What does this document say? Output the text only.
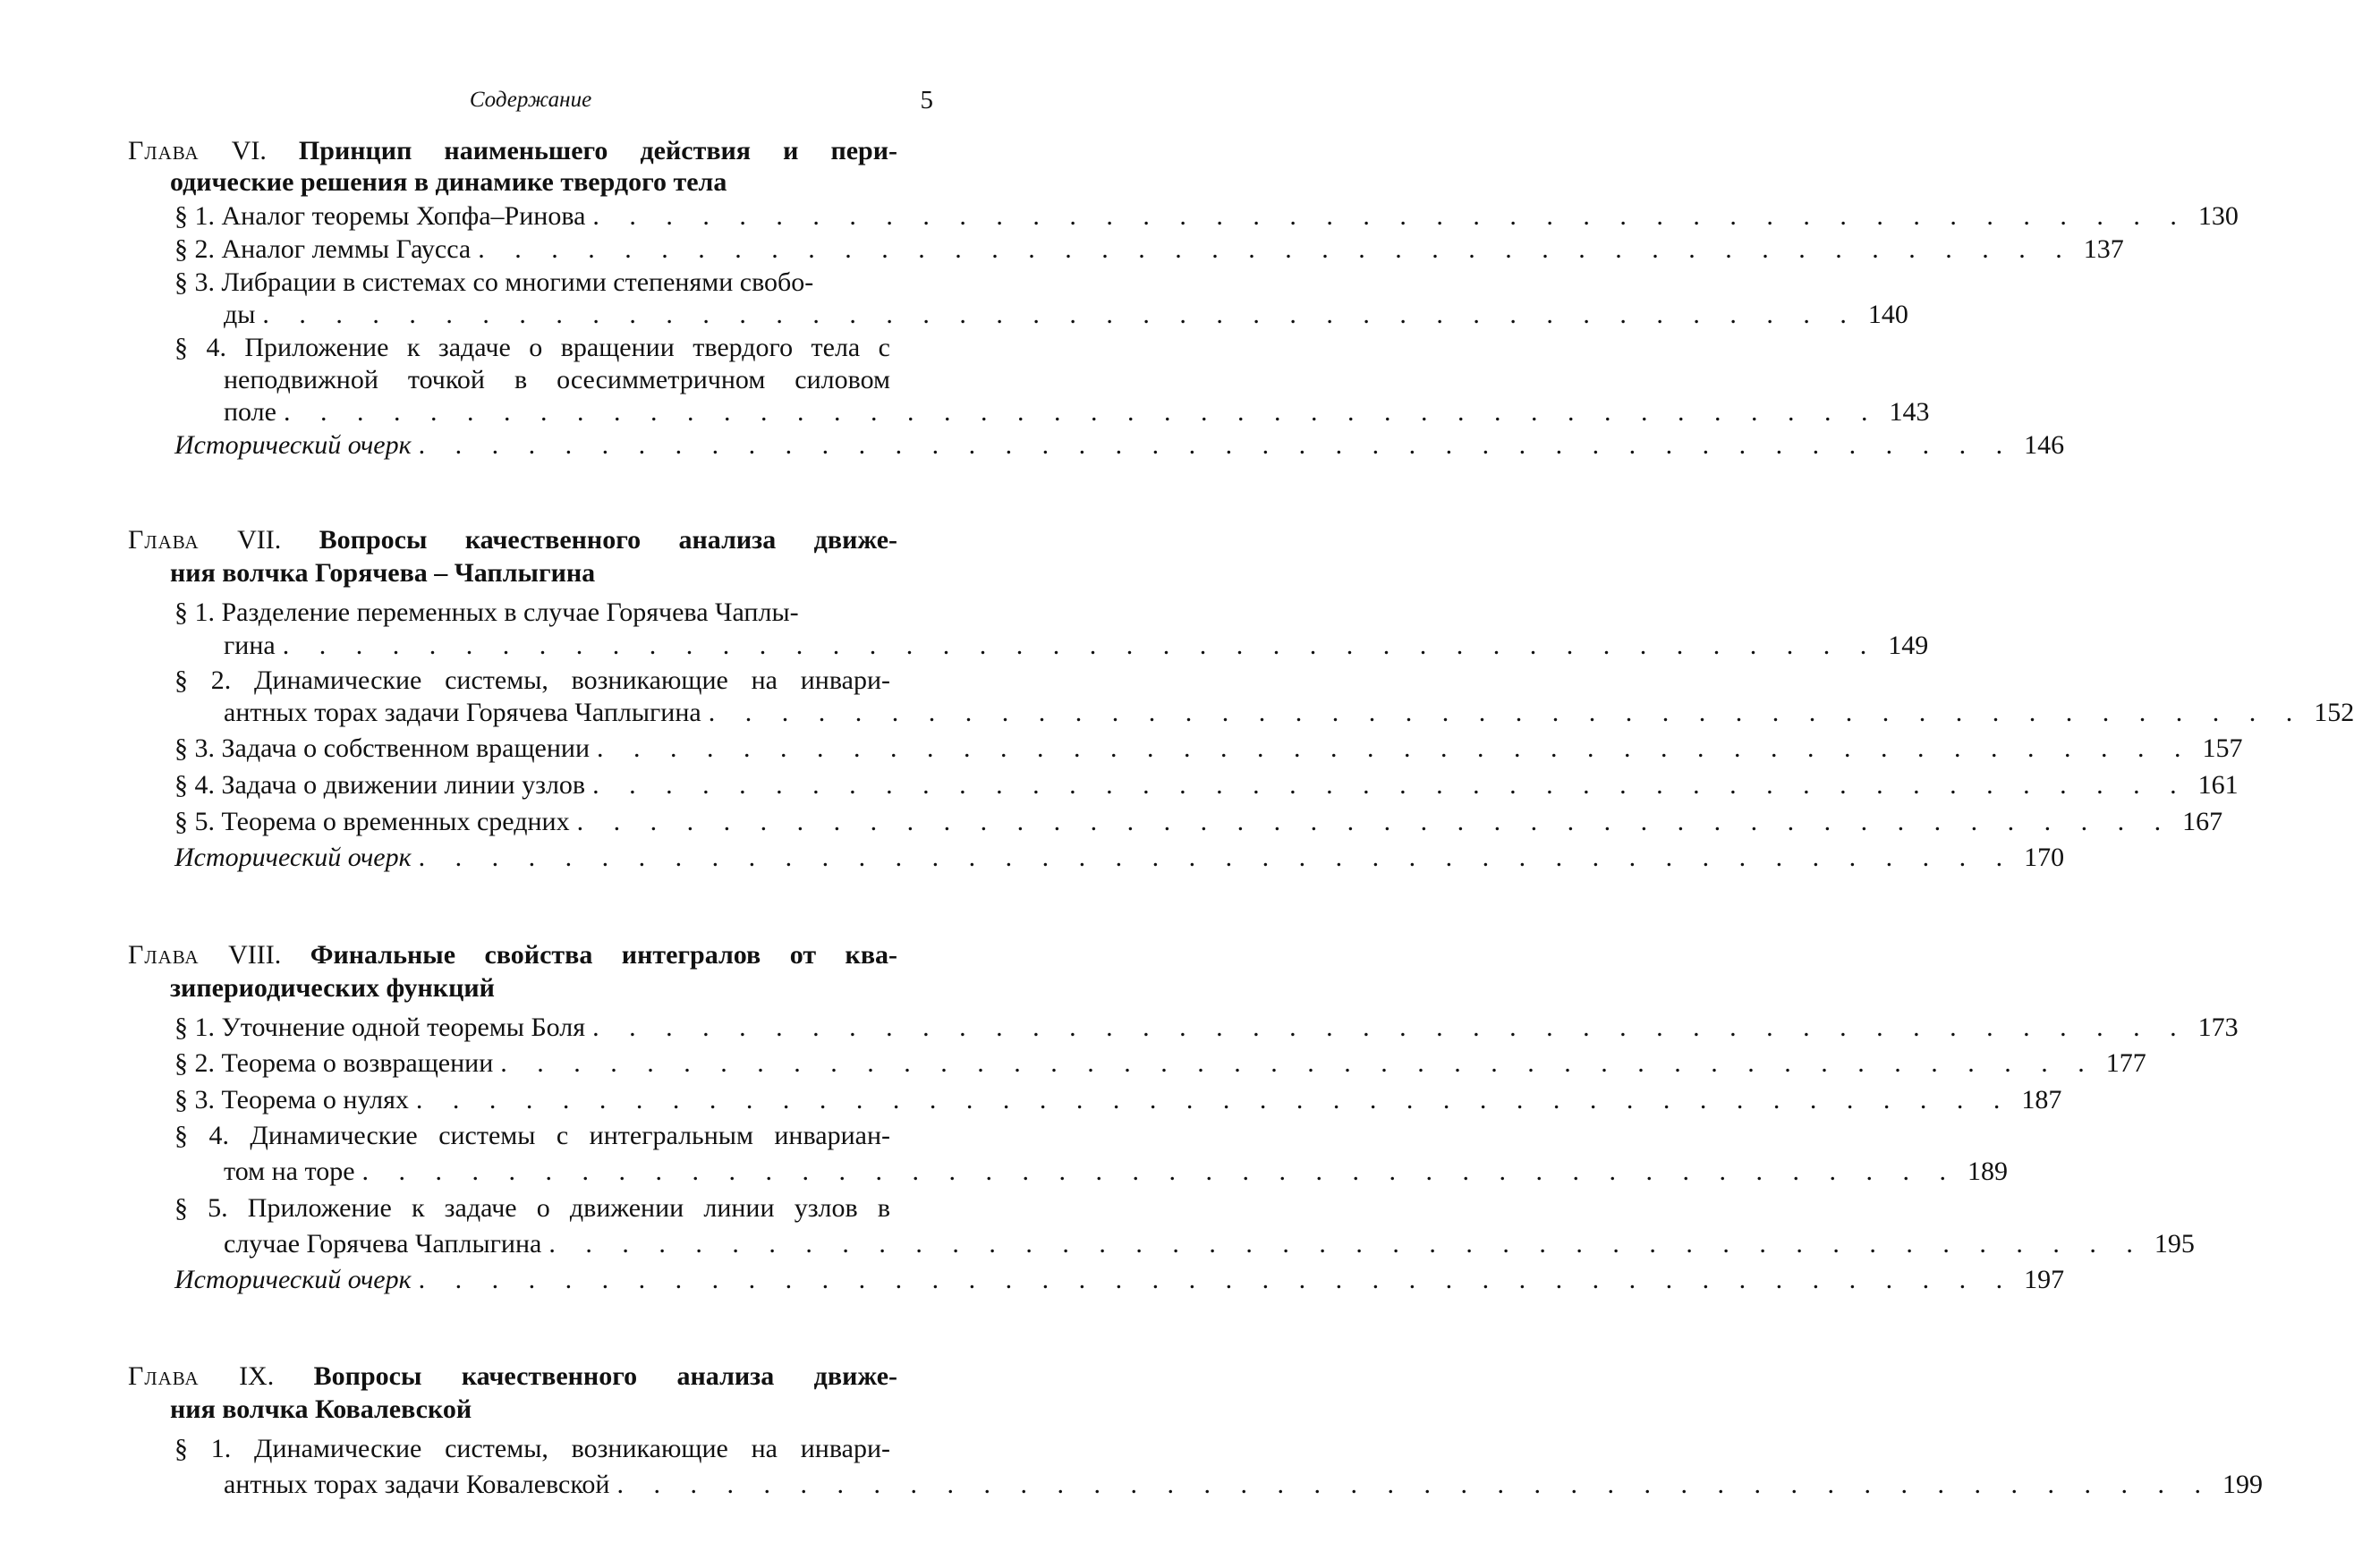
Содержание	5
Глава VI. Принцип наименьшего действия и пери-
одические решения в динамике твердого тела
§ 1. Аналог теоремы Хопфа–Ринова . . . . . . . . . . . . . . . . . . . . . . . . . . . . . . . . . . . . . . . . . . . . 130
§ 2. Аналог леммы Гаусса . . . . . . . . . . . . . . . . . . . . . . . . . . . . . . . . . . . . . . . . . . . . 137
§ 3. Либрации в системах со многими степенями свобо-
ды . . . . . . . . . . . . . . . . . . . . . . . . . . . . . . . . . . . . . . . . . . . . 140
§ 4. Приложение к задаче о вращении твердого тела с
неподвижной точкой в осесимметричном силовом
поле . . . . . . . . . . . . . . . . . . . . . . . . . . . . . . . . . . . . . . . . . . . . 143
Исторический очерк . . . . . . . . . . . . . . . . . . . . . . . . . . . . . . . . . . . . . . . . . . . . 146
Глава VII. Вопросы качественного анализа движе-
ния волчка Горячева – Чаплыгина
§ 1. Разделение переменных в случае Горячева Чаплы-
гина . . . . . . . . . . . . . . . . . . . . . . . . . . . . . . . . . . . . . . . . . . . . 149
§ 2. Динамические системы, возникающие на инвари-
антных торах задачи Горячева Чаплыгина . . . . . . . . . . . . . . . . . . . . . . . . . . . . . . . . . . . . . . . . . . . . 152
§ 3. Задача о собственном вращении . . . . . . . . . . . . . . . . . . . . . . . . . . . . . . . . . . . . . . . . . . . . 157
§ 4. Задача о движении линии узлов . . . . . . . . . . . . . . . . . . . . . . . . . . . . . . . . . . . . . . . . . . . . 161
§ 5. Теорема о временных средних . . . . . . . . . . . . . . . . . . . . . . . . . . . . . . . . . . . . . . . . . . . . 167
Исторический очерк . . . . . . . . . . . . . . . . . . . . . . . . . . . . . . . . . . . . . . . . . . . . 170
Глава VIII. Финальные свойства интегралов от ква-
зипериодических функций
§ 1. Уточнение одной теоремы Боля . . . . . . . . . . . . . . . . . . . . . . . . . . . . . . . . . . . . . . . . . . . . 173
§ 2. Теорема о возвращении . . . . . . . . . . . . . . . . . . . . . . . . . . . . . . . . . . . . . . . . . . . . 177
§ 3. Теорема о нулях . . . . . . . . . . . . . . . . . . . . . . . . . . . . . . . . . . . . . . . . . . . . 187
§ 4. Динамические системы с интегральным инвариан-
том на торе . . . . . . . . . . . . . . . . . . . . . . . . . . . . . . . . . . . . . . . . . . . . 189
§ 5. Приложение к задаче о движении линии узлов в
случае Горячева Чаплыгина . . . . . . . . . . . . . . . . . . . . . . . . . . . . . . . . . . . . . . . . . . . . 195
Исторический очерк . . . . . . . . . . . . . . . . . . . . . . . . . . . . . . . . . . . . . . . . . . . . 197
Глава IX. Вопросы качественного анализа движе-
ния волчка Ковалевской
§ 1. Динамические системы, возникающие на инвари-
антных торах задачи Ковалевской . . . . . . . . . . . . . . . . . . . . . . . . . . . . . . . . . . . . . . . . . . . . 199
